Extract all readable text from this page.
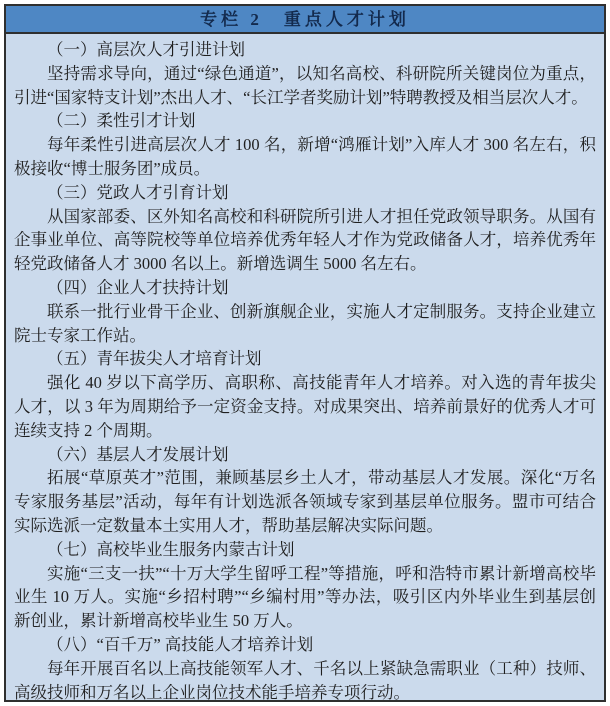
专栏 2　重点人才计划
（一）高层次人才引进计划

坚持需求导向，通过“绿色通道”，以知名高校、科研院所关键岗位为重点，引进“国家特支计划”杰出人才、“长江学者奖励计划”特聘教授及相当层次人才。

（二）柔性引才计划

每年柔性引进高层次人才 100 名，新增“鸿雁计划”入库人才 300 名左右，积极接收“博士服务团”成员。

（三）党政人才引育计划

从国家部委、区外知名高校和科研院所引进人才担任党政领导职务。从国有企事业单位、高等院校等单位培养优秀年轻人才作为党政储备人才，培养优秀年轻党政储备人才 3000 名以上。新增选调生 5000 名左右。

（四）企业人才扶持计划

联系一批行业骨干企业、创新旗舰企业，实施人才定制服务。支持企业建立院士专家工作站。

（五）青年拔尖人才培育计划

强化 40 岁以下高学历、高职称、高技能青年人才培养。对入选的青年拔尖人才，以 3 年为周期给予一定资金支持。对成果突出、培养前景好的优秀人才可连续支持 2 个周期。

（六）基层人才发展计划

拓展“草原英才”范围，兼顾基层乡土人才，带动基层人才发展。深化“万名专家服务基层”活动，每年有计划选派各领域专家到基层单位服务。盟市可结合实际选派一定数量本土实用人才，帮助基层解决实际问题。

（七）高校毕业生服务内蒙古计划

实施“三支一扶”“十万大学生留呼工程”等措施，呼和浩特市累计新增高校毕业生 10 万人。实施“乡招村聘”“乡编村用”等办法，吸引区内外毕业生到基层创新创业，累计新增高校毕业生 50 万人。

（八）“百千万” 高技能人才培养计划

每年开展百名以上高技能领军人才、千名以上紧缺急需职业（工种）技师、高级技师和万名以上企业岗位技术能手培养专项行动。
